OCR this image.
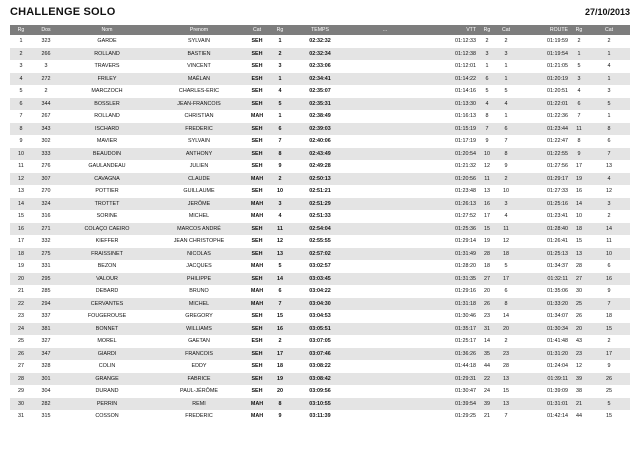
CHALLENGE SOLO	27/10/2013
Rg	Dos	Nom	Prenom	Cat	Rg	TEMPS	...	VTT	Rg	Cat	ROUTE	Rg	Cat
1	323	GARDE	SYLVAIN	SEH	1	02:32:32		01:12:33	2	2	01:19:59	2	2
2	266	ROLLAND	BASTIEN	SEH	2	02:32:34		01:12:38	3	3	01:19:54	1	1
3	3	TRAVERS	VINCENT	SEH	3	02:33:06		01:12:01	1	1	01:21:05	5	4
4	272	FRILEY	MAÊLAN	ESH	1	02:34:41		01:14:22	6	1	01:20:19	3	1
5	2	MARCZOCH	CHARLES-ERIC	SEH	4	02:35:07		01:14:16	5	5	01:20:51	4	3
6	344	BOSSLER	JEAN-FRANCOIS	SEH	5	02:35:31		01:13:30	4	4	01:22:01	6	5
7	267	ROLLAND	CHRISTIAN	MAH	1	02:38:49		01:16:13	8	1	01:22:36	7	1
8	343	ISCHARD	FREDERIC	SEH	6	02:39:03		01:15:19	7	6	01:23:44	11	8
9	302	MAVIER	SYLVAIN	SEH	7	02:40:06		01:17:19	9	7	01:22:47	8	6
10	333	BEAUDOIN	ANTHONY	SEH	8	02:43:49		01:20:54	10	8	01:22:55	9	7
11	276	GAULANDEAU	JULIEN	SEH	9	02:49:28		01:21:32	12	9	01:27:56	17	13
12	307	CAVAGNA	CLAUDE	MAH	2	02:50:13		01:20:56	11	2	01:29:17	19	4
13	270	POTTIER	GUILLAUME	SEH	10	02:51:21		01:23:48	13	10	01:27:33	16	12
14	324	TROTTET	JERÔME	MAH	3	02:51:29		01:26:13	16	3	01:25:16	14	3
15	316	SORINE	MICHEL	MAH	4	02:51:33		01:27:52	17	4	01:23:41	10	2
16	271	COLAÇO CAEIRO	MARCOS ANDRÉ	SEH	11	02:54:04		01:25:36	15	11	01:28:40	18	14
17	332	KIEFFER	JEAN CHRISTOPHE	SEH	12	02:55:55		01:29:14	19	12	01:26:41	15	11
18	275	FRAISSINET	NICOLAS	SEH	13	02:57:02		01:31:49	28	18	01:25:13	13	10
19	331	BEZON	JACQUES	MAH	5	03:02:57		01:28:20	18	5	01:34:37	28	6
20	295	VALOUR	PHILIPPE	SEH	14	03:03:45		01:31:35	27	17	01:32:11	27	16
21	285	DEBARD	BRUNO	MAH	6	03:04:22		01:29:16	20	6	01:35:06	30	9
22	294	CERVANTES	MICHEL	MAH	7	03:04:30		01:31:18	26	8	01:33:20	25	7
23	337	FOUGEROUSE	GREGORY	SEH	15	03:04:53		01:30:46	23	14	01:34:07	26	18
24	381	BONNET	WILLIAMS	SEH	16	03:05:51		01:35:17	31	20	01:30:34	20	15
25	327	MOREL	GAETAN	ESH	2	03:07:05		01:25:17	14	2	01:41:48	43	2
26	347	GIARDI	FRANCOIS	SEH	17	03:07:46		01:36:26	35	23	01:31:20	23	17
27	328	COLIN	EDDY	SEH	18	03:08:22		01:44:18	44	28	01:24:04	12	9
28	301	GRANGE	FABRICE	SEH	19	03:08:42		01:29:31	22	13	01:39:11	39	26
29	304	DURAND	PAUL-JÉRÔME	SEH	20	03:09:56		01:30:47	24	15	01:39:09	38	25
30	282	PERRIN	REMI	MAH	8	03:10:55		01:39:54	39	13	01:31:01	21	5
31	315	COSSON	FREDERIC	MAH	9	03:11:39		01:29:25	21	7	01:42:14	44	15
